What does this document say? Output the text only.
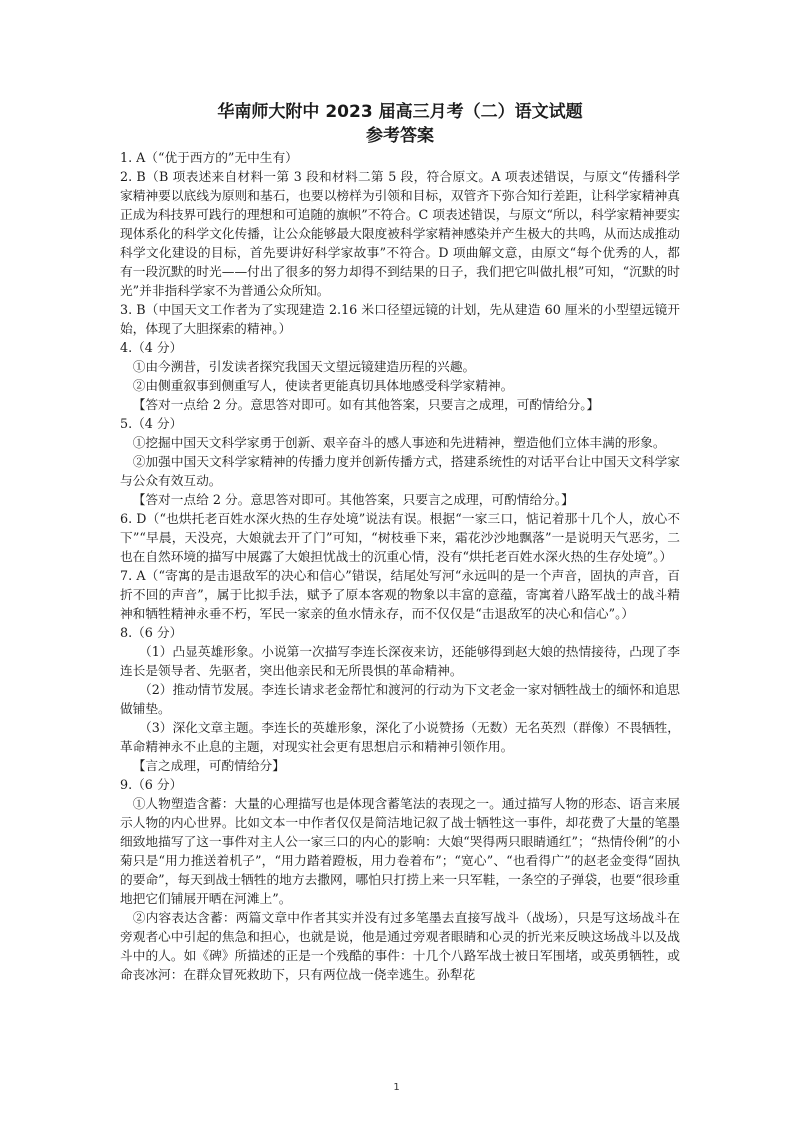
华南师大附中 2023 届高三月考（二）语文试题
参考答案

1. A（“优于西方的”无中生有）

2. B（B 项表述来自材料一第 3 段和材料二第 5 段，符合原文。A 项表述错误，与原文“传播科学家精神要以底线为原则和基石，也要以榜样为引领和目标，双管齐下弥合知行差距，让科学家精神真正成为科技界可践行的理想和可追随的旗帜”不符合。C 项表述错误，与原文“所以，科学家精神要实现体系化的科学文化传播，让公众能够最大限度被科学家精神感染并产生极大的共鸣，从而达成推动科学文化建设的目标，首先要讲好科学家故事”不符合。D 项曲解文意，由原文“每个优秀的人，都有一段沉默的时光——付出了很多的努力却得不到结果的日子，我们把它叫做扎根”可知，“沉默的时光”并非指科学家不为普通公众所知。

3. B（中国天文工作者为了实现建造 2.16 米口径望远镜的计划，先从建造 60 厘米的小型望远镜开始，体现了大胆探索的精神。）

4.（4 分）

①由今溯昔，引发读者探究我国天文望远镜建造历程的兴趣。

②由侧重叙事到侧重写人，使读者更能真切具体地感受科学家精神。

【答对一点给 2 分。意思答对即可。如有其他答案，只要言之成理，可酌情给分。】

5.（4 分）

①挖掘中国天文科学家勇于创新、艰辛奋斗的感人事迹和先进精神，塑造他们立体丰满的形象。

②加强中国天文科学家精神的传播力度并创新传播方式，搭建系统性的对话平台让中国天文科学家与公众有效互动。

【答对一点给 2 分。意思答对即可。其他答案，只要言之成理，可酌情给分。】

6. D（“也烘托老百姓水深火热的生存处境”说法有误。根据“一家三口，惦记着那十几个人，放心不下”“早晨，天没亮，大娘就去开了门”可知，“树枝垂下来，霜花沙沙地飘落”一是说明天气恶劣，二也在自然环境的描写中展露了大娘担忧战士的沉重心情，没有“烘托老百姓水深火热的生存处境”。）

7. A（“寄寓的是击退敌军的决心和信心”错误，结尾处写河“永远叫的是一个声音，固执的声音，百折不回的声音”，属于比拟手法，赋予了原本客观的物象以丰富的意蕴，寄寓着八路军战士的战斗精神和牺牲精神永垂不朽，军民一家亲的鱼水情永存，而不仅仅是“击退敌军的决心和信心”。）

8.（6 分）

（1）凸显英雄形象。小说第一次描写李连长深夜来访，还能够得到赵大娘的热情接待，凸现了李连长是领导者、先驱者，突出他亲民和无所畏惧的革命精神。

（2）推动情节发展。李连长请求老金帮忙和渡河的行动为下文老金一家对牺牲战士的缅怀和追思做铺垫。

（3）深化文章主题。李连长的英雄形象，深化了小说赞扬（无数）无名英烈（群像）不畏牺牲，革命精神永不止息的主题，对现实社会更有思想启示和精神引领作用。

【言之成理，可酌情给分】

9.（6 分）

①人物塑造含蓄：大量的心理描写也是体现含蓄笔法的表现之一。通过描写人物的形态、语言来展示人物的内心世界。比如文本一中作者仅仅是简洁地记叙了战士牺牲这一事件，却花费了大量的笔墨细致地描写了这一事件对主人公一家三口的内心的影响：大娘“哭得两只眼睛通红”；“热情伶俐”的小菊只是“用力推送着机子”，“用力踏着蹬板，用力卷着布”；“宽心”、“也看得广”的赵老金变得“固执的要命”，每天到战士牺牲的地方去撒网，哪怕只打捞上来一只军鞋，一条空的子弹袋，也要“很珍重地把它们铺展开晒在河滩上”。

②内容表达含蓄：两篇文章中作者其实并没有过多笔墨去直接写战斗（战场），只是写这场战斗在旁观者心中引起的焦急和担心，也就是说，他是通过旁观者眼睛和心灵的折光来反映这场战斗以及战斗中的人。如《碑》所描述的正是一个残酷的事件：十几个八路军战士被日军围堵，或英勇牺牲，或命丧冰河：在群众冒死救助下，只有两位战一侥幸逃生。孙犁花

1
